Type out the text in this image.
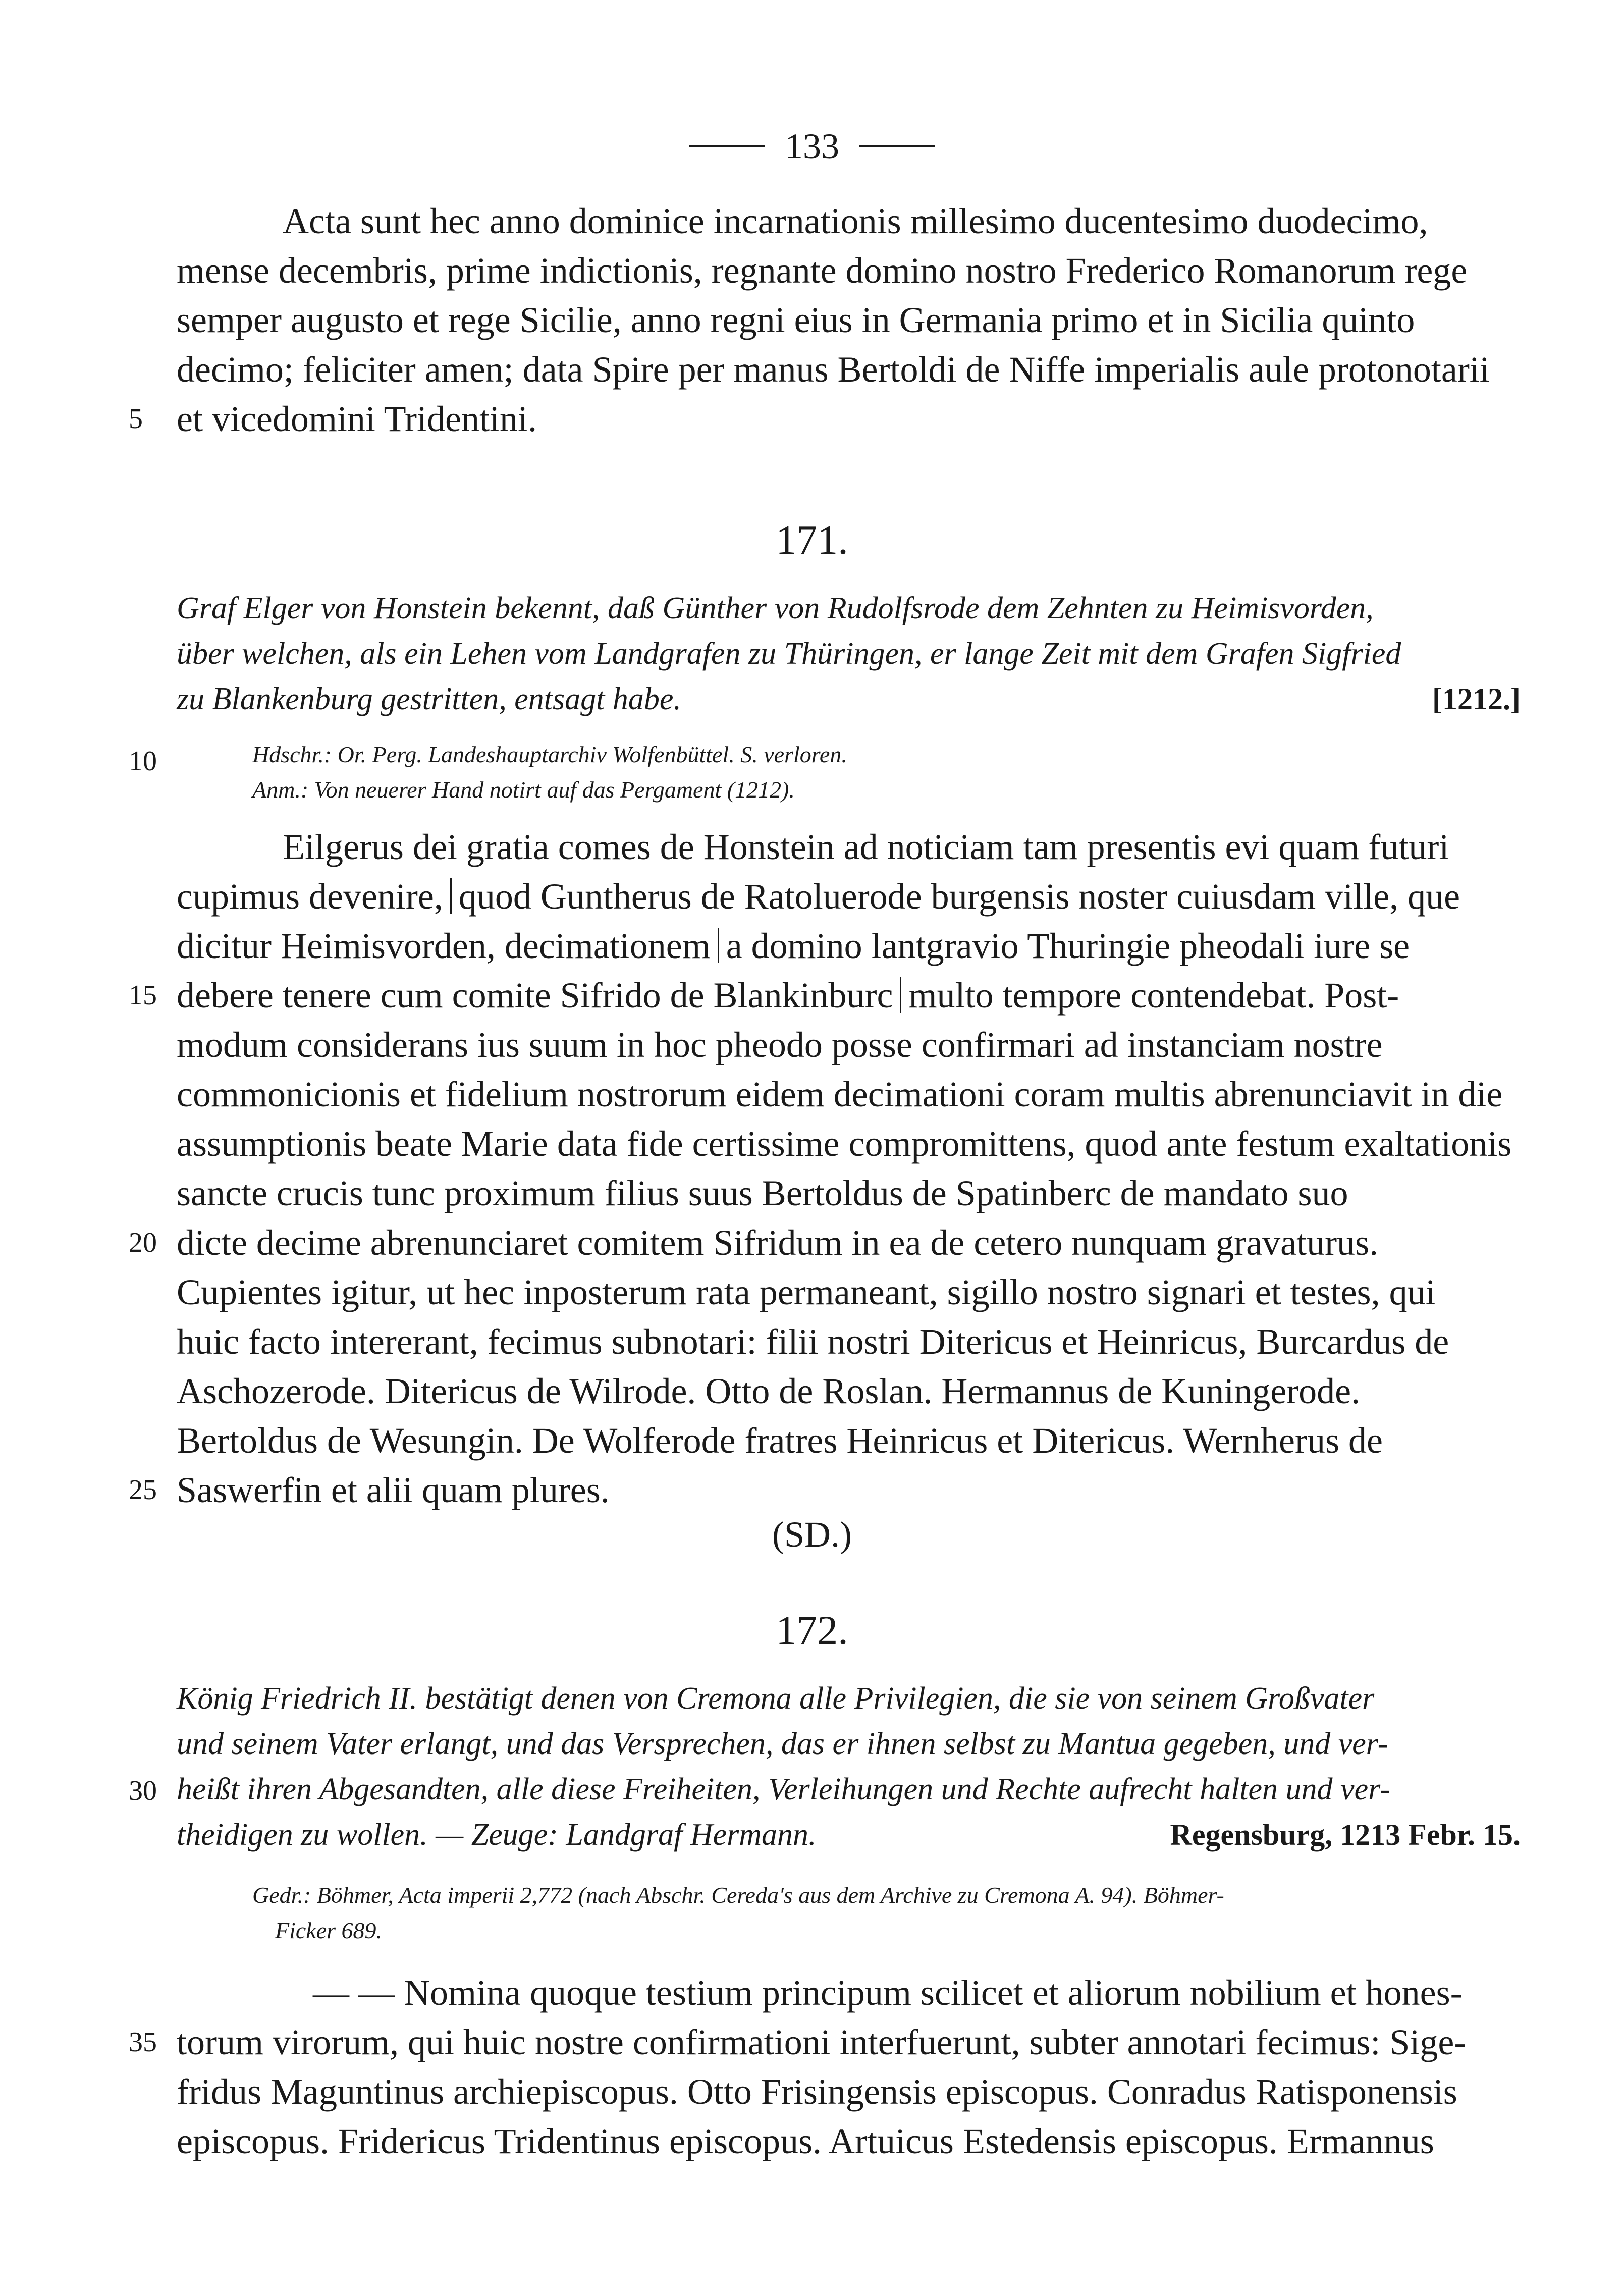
133
Acta sunt hec anno dominice incarnationis millesimo ducentesimo duodecimo,
mense decembris, prime indictionis, regnante domino nostro Frederico Romanorum rege
semper augusto et rege Sicilie, anno regni eius in Germania primo et in Sicilia quinto
decimo; feliciter amen; data Spire per manus Bertoldi de Niffe imperialis aule protonotarii
5 et vicedomini Tridentini.
171.
Graf Elger von Honstein bekennt, daß Günther von Rudolfsrode dem Zehnten zu Heimisvorden,
über welchen, als ein Lehen vom Landgrafen zu Thüringen, er lange Zeit mit dem Grafen Sigfried
zu Blankenburg gestritten, entsagt habe.	[1212.]
10	Hdschr.: Or. Perg. Landeshauptarchiv Wolfenbüttel. S. verloren.
Anm.: Von neuerer Hand notirt auf das Pergament (1212).
Eilgerus dei gratia comes de Honstein ad noticiam tam presentis evi quam futuri
cupimus devenire, quod Guntherus de Ratoluerode burgensis noster cuiusdam ville, que
dicitur Heimisvorden, decimationem a domino lantgravio Thuringie pheodali iure se
15 debere tenere cum comite Sifrido de Blankinburc multo tempore contendebat. Post-
modum considerans ius suum in hoc pheodo posse confirmari ad instanciam nostre
commonicionis et fidelium nostrorum eidem decimationi coram multis abrenunciavit in die
assumptionis beate Marie data fide certissime compromittens, quod ante festum exaltationis
sancte crucis tunc proximum filius suus Bertoldus de Spatinberc de mandato suo
20 dicte decime abrenunciaret comitem Sifridum in ea de cetero nunquam gravaturus.
Cupientes igitur, ut hec inposterum rata permaneant, sigillo nostro signari et testes, qui
huic facto intererant, fecimus subnotari: filii nostri Ditericus et Heinricus, Burcardus de
Aschozerode. Ditericus de Wilrode. Otto de Roslan. Hermannus de Kuningerode.
Bertoldus de Wesungin. De Wolferode fratres Heinricus et Ditericus. Wernherus de
25 Saswerfin et alii quam plures.
(SD.)
172.
König Friedrich II. bestätigt denen von Cremona alle Privilegien, die sie von seinem Großvater
und seinem Vater erlangt, und das Versprechen, das er ihnen selbst zu Mantua gegeben, und ver-
30 heißt ihren Abgesandten, alle diese Freiheiten, Verleihungen und Rechte aufrecht halten und ver-
theidigen zu wollen. — Zeuge: Landgraf Hermann.	Regensburg, 1213 Febr. 15.
Gedr.: Böhmer, Acta imperii 2,772 (nach Abschr. Cereda's aus dem Archive zu Cremona A. 94). Böhmer-
Ficker 689.
— — Nomina quoque testium principum scilicet et aliorum nobilium et hones-
35 torum virorum, qui huic nostre confirmationi interfuerunt, subter annotari fecimus: Sige-
fridus Maguntinus archiepiscopus. Otto Frisingensis episcopus. Conradus Ratisponensis
episcopus. Fridericus Tridentinus episcopus. Artuicus Estedensis episcopus. Ermannus
